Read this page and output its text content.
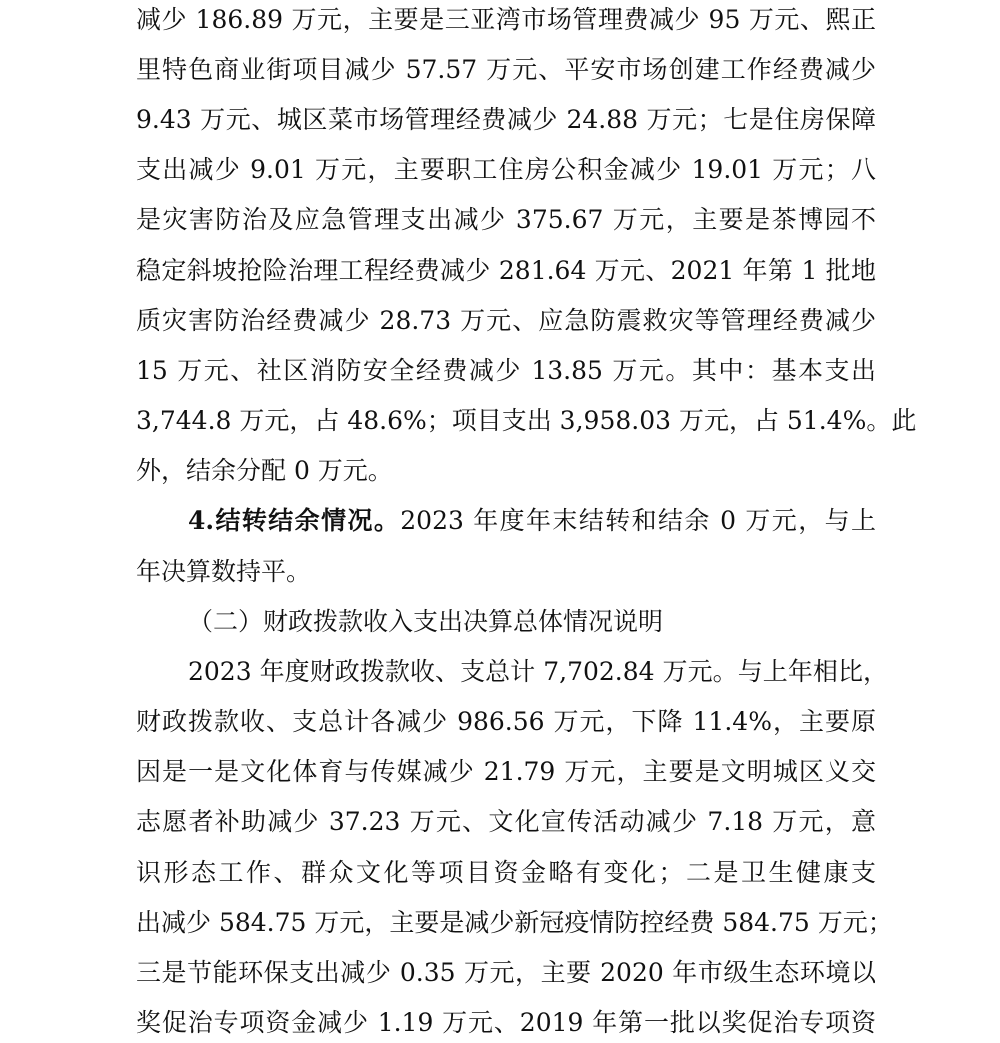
减少 186.89 万元，主要是三亚湾市场管理费减少 95 万元、熙正
里特色商业街项目减少 57.57 万元、平安市场创建工作经费减少
9.43 万元、城区菜市场管理经费减少 24.88 万元；七是住房保障
支出减少 9.01 万元，主要职工住房公积金减少 19.01 万元；八
是灾害防治及应急管理支出减少 375.67 万元，主要是茶博园不
稳定斜坡抢险治理工程经费减少 281.64 万元、2021 年第 1 批地
质灾害防治经费减少 28.73 万元、应急防震救灾等管理经费减少
15 万元、社区消防安全经费减少 13.85 万元。其中：基本支出
3,744.8 万元，占 48.6%；项目支出 3,958.03 万元，占 51.4%。此
外，结余分配 0 万元。
4.结转结余情况。2023 年度年末结转和结余 0 万元，与上
年决算数持平。
（二）财政拨款收入支出决算总体情况说明
2023 年度财政拨款收、支总计 7,702.84 万元。与上年相比，
财政拨款收、支总计各减少 986.56 万元，下降 11.4%，主要原
因是一是文化体育与传媒减少 21.79 万元，主要是文明城区义交
志愿者补助减少 37.23 万元、文化宣传活动减少 7.18 万元，意
识形态工作、群众文化等项目资金略有变化；二是卫生健康支
出减少 584.75 万元，主要是减少新冠疫情防控经费 584.75 万元；
三是节能环保支出减少 0.35 万元，主要 2020 年市级生态环境以
奖促治专项资金减少 1.19 万元、2019 年第一批以奖促治专项资
